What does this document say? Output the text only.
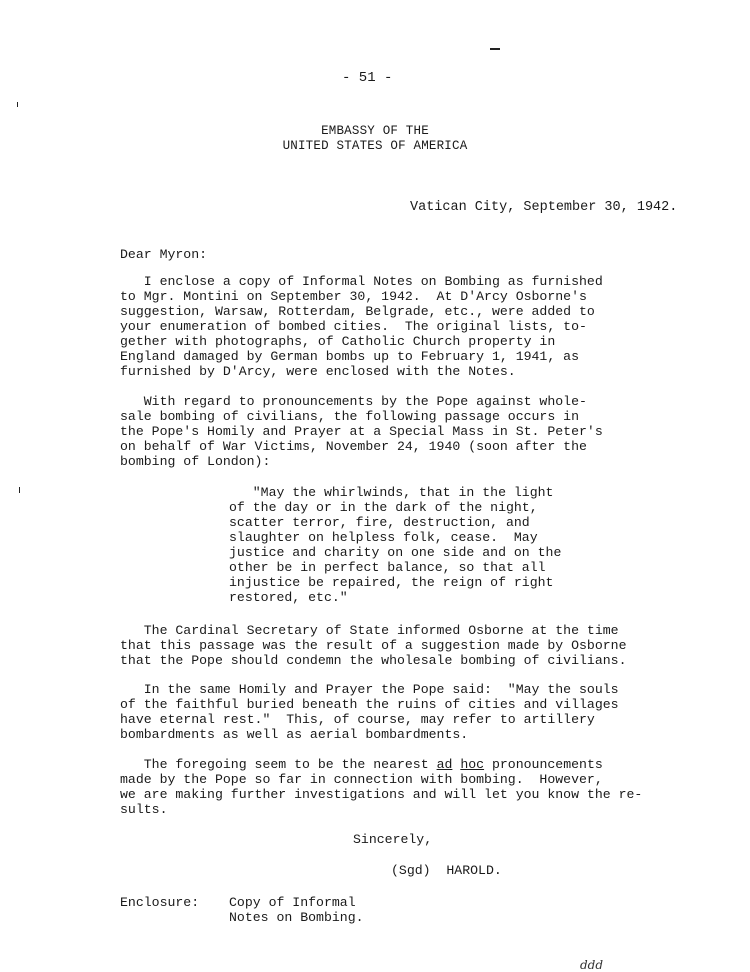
- 51 -
EMBASSY OF THE
UNITED STATES OF AMERICA
Vatican City, September 30, 1942.
Dear Myron:
I enclose a copy of Informal Notes on Bombing as furnished
to Mgr. Montini on September 30, 1942.  At D'Arcy Osborne's
suggestion, Warsaw, Rotterdam, Belgrade, etc., were added to
your enumeration of bombed cities.  The original lists, to-
gether with photographs, of Catholic Church property in
England damaged by German bombs up to February 1, 1941, as
furnished by D'Arcy, were enclosed with the Notes.
With regard to pronouncements by the Pope against whole-
sale bombing of civilians, the following passage occurs in
the Pope's Homily and Prayer at a Special Mass in St. Peter's
on behalf of War Victims, November 24, 1940 (soon after the
bombing of London):
"May the whirlwinds, that in the light
of the day or in the dark of the night,
scatter terror, fire, destruction, and
slaughter on helpless folk, cease.  May
justice and charity on one side and on the
other be in perfect balance, so that all
injustice be repaired, the reign of right
restored, etc."
The Cardinal Secretary of State informed Osborne at the time
that this passage was the result of a suggestion made by Osborne
that the Pope should condemn the wholesale bombing of civilians.
In the same Homily and Prayer the Pope said:  "May the souls
of the faithful buried beneath the ruins of cities and villages
have eternal rest."  This, of course, may refer to artillery
bombardments as well as aerial bombardments.
The foregoing seem to be the nearest ad hoc pronouncements
made by the Pope so far in connection with bombing.  However,
we are making further investigations and will let you know the re-
sults.
Sincerely,
(Sgd)  HAROLD.
Enclosure: Copy of Informal
Notes on Bombing.
ddd
